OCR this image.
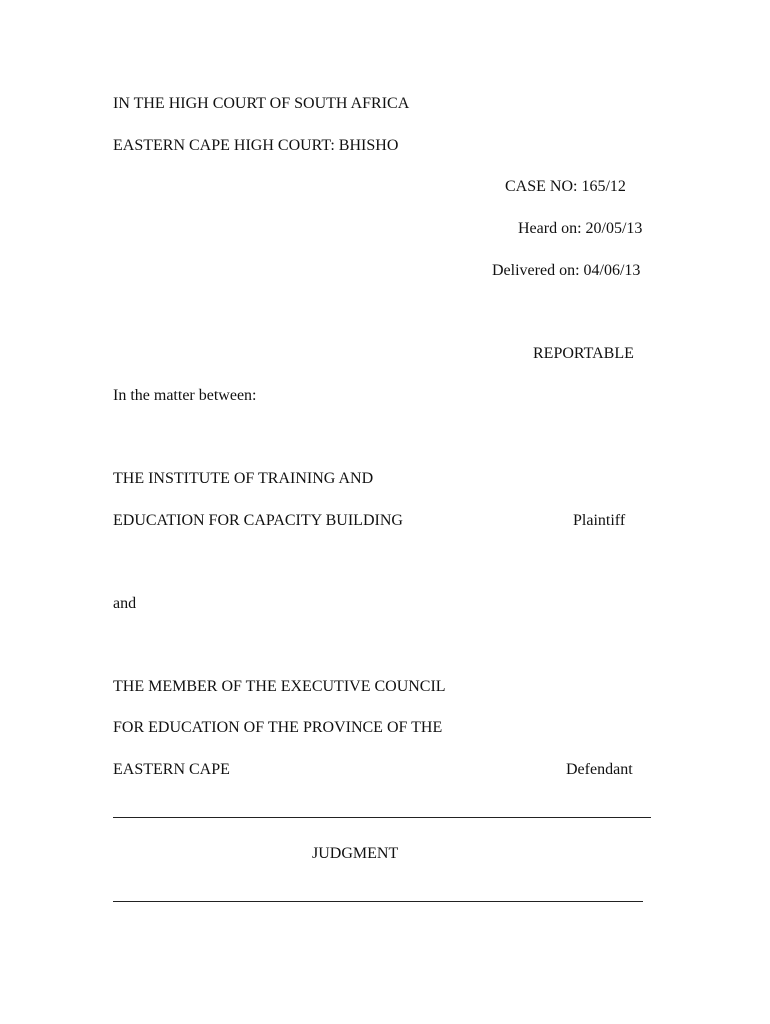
IN THE HIGH COURT OF SOUTH AFRICA
EASTERN CAPE HIGH COURT: BHISHO
CASE NO: 165/12
Heard on: 20/05/13
Delivered on: 04/06/13
REPORTABLE
In the matter between:
THE INSTITUTE OF TRAINING AND
EDUCATION FOR CAPACITY BUILDING	Plaintiff
and
THE MEMBER OF THE EXECUTIVE COUNCIL
FOR EDUCATION OF THE PROVINCE OF THE
EASTERN CAPE	Defendant
JUDGMENT
